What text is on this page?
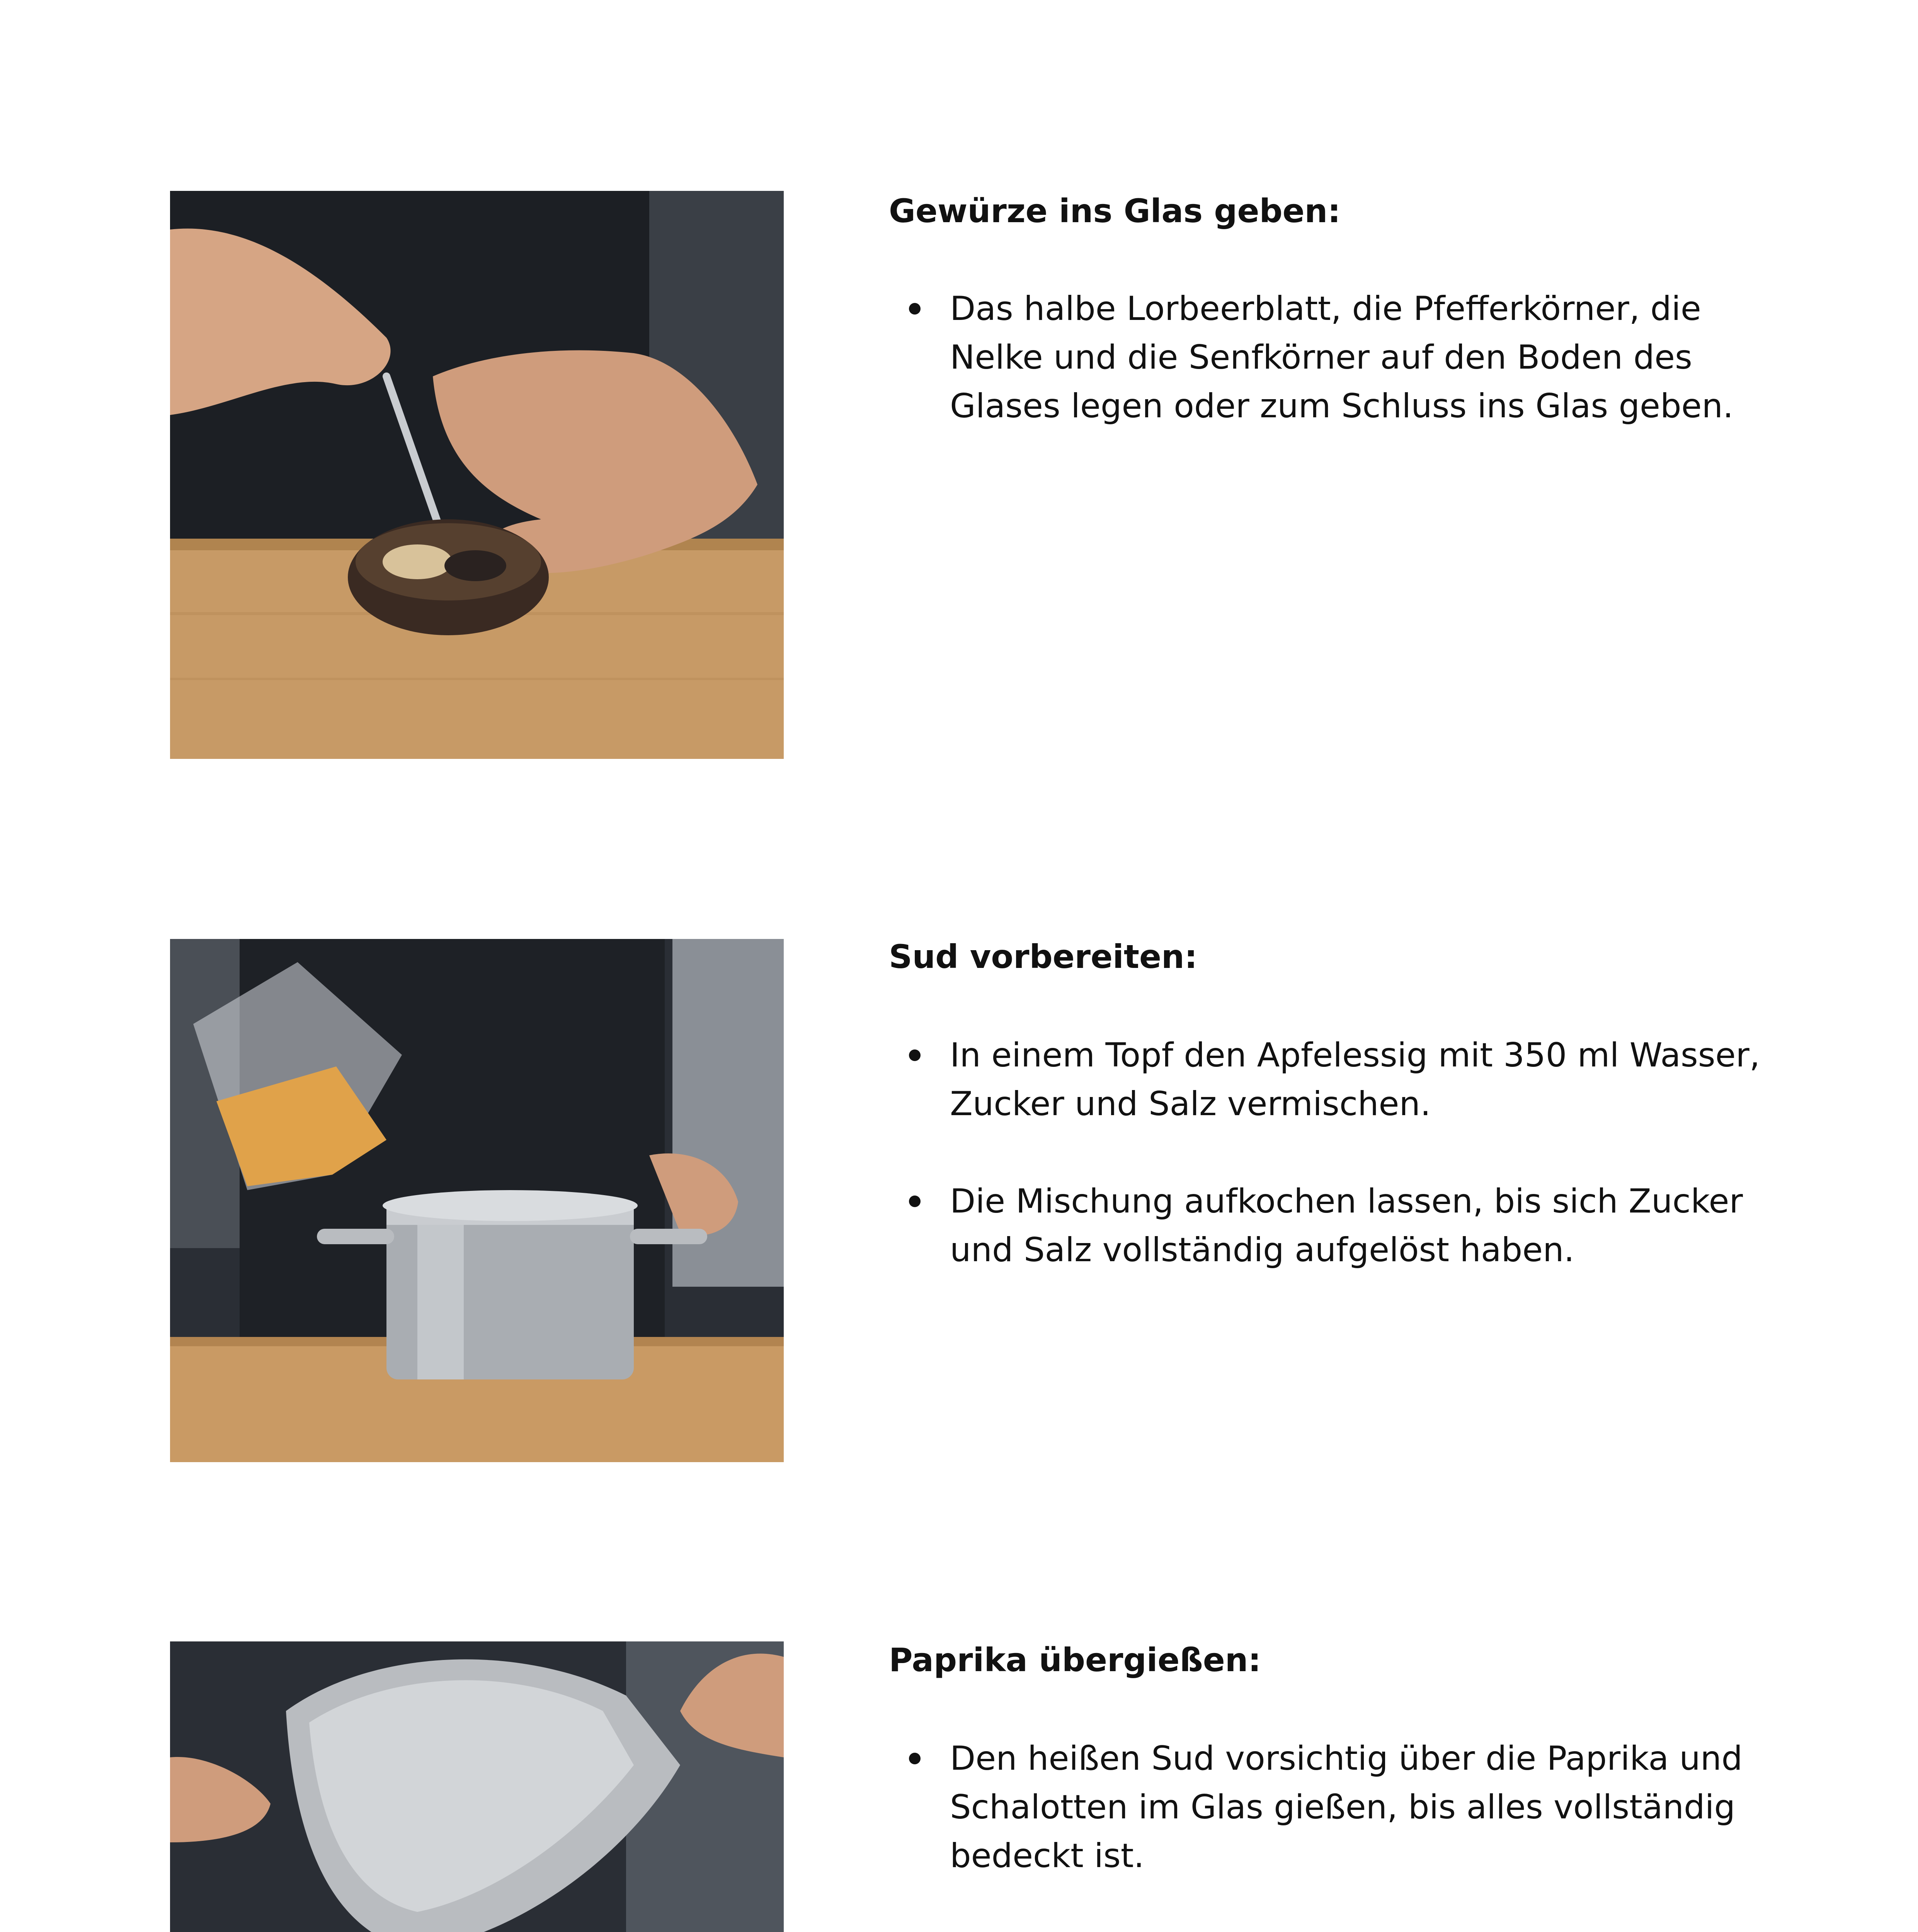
Gewürze ins Glas geben:
Das halbe Lorbeerblatt, die Pfefferkörner, die Nelke und die Senfkörner auf den Boden des Glases legen oder zum Schluss ins Glas geben.
Sud vorbereiten:
In einem Topf den Apfelessig mit 350 ml Wasser, Zucker und Salz vermischen.
Die Mischung aufkochen lassen, bis sich Zucker und Salz vollständig aufgelöst haben.
Paprika übergießen:
Den heißen Sud vorsichtig über die Paprika und Schalotten im Glas gießen, bis alles vollständig bedeckt ist.
